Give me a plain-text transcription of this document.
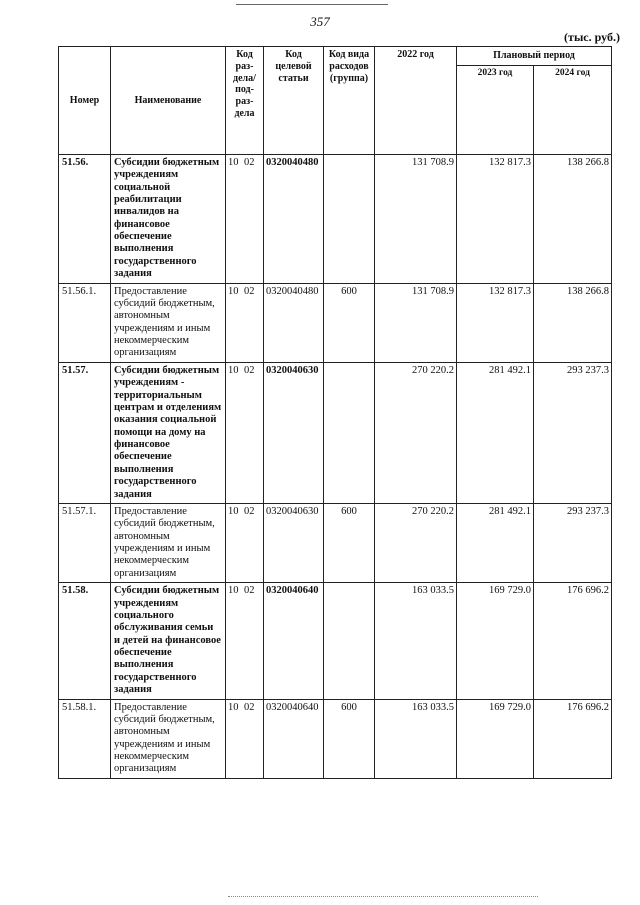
357
(тыс. руб.)
Номер	Наименование	Код раз-дела/ под-раз-дела	Код целевой статьи	Код вида расходов (группа)	2022 год	Плановый период	
						2023 год	2024 год
51.56.	Субсидии бюджетным учреждениям социальной реабилитации инвалидов на финансовое обеспечение выполнения государственного задания	10 02	0320040480		131 708.9	132 817.3	138 266.8
51.56.1.	Предоставление субсидий бюджетным, автономным учреждениям и иным некоммерческим организациям	10 02	0320040480	600	131 708.9	132 817.3	138 266.8
51.57.	Субсидии бюджетным учреждениям - территориальным центрам и отделениям оказания социальной помощи на дому на финансовое обеспечение выполнения государственного задания	10 02	0320040630		270 220.2	281 492.1	293 237.3
51.57.1.	Предоставление субсидий бюджетным, автономным учреждениям и иным некоммерческим организациям	10 02	0320040630	600	270 220.2	281 492.1	293 237.3
51.58.	Субсидии бюджетным учреждениям социального обслуживания семьи и детей на финансовое обеспечение выполнения государственного задания	10 02	0320040640		163 033.5	169 729.0	176 696.2
51.58.1.	Предоставление субсидий бюджетным, автономным учреждениям и иным некоммерческим организациям	10 02	0320040640	600	163 033.5	169 729.0	176 696.2
